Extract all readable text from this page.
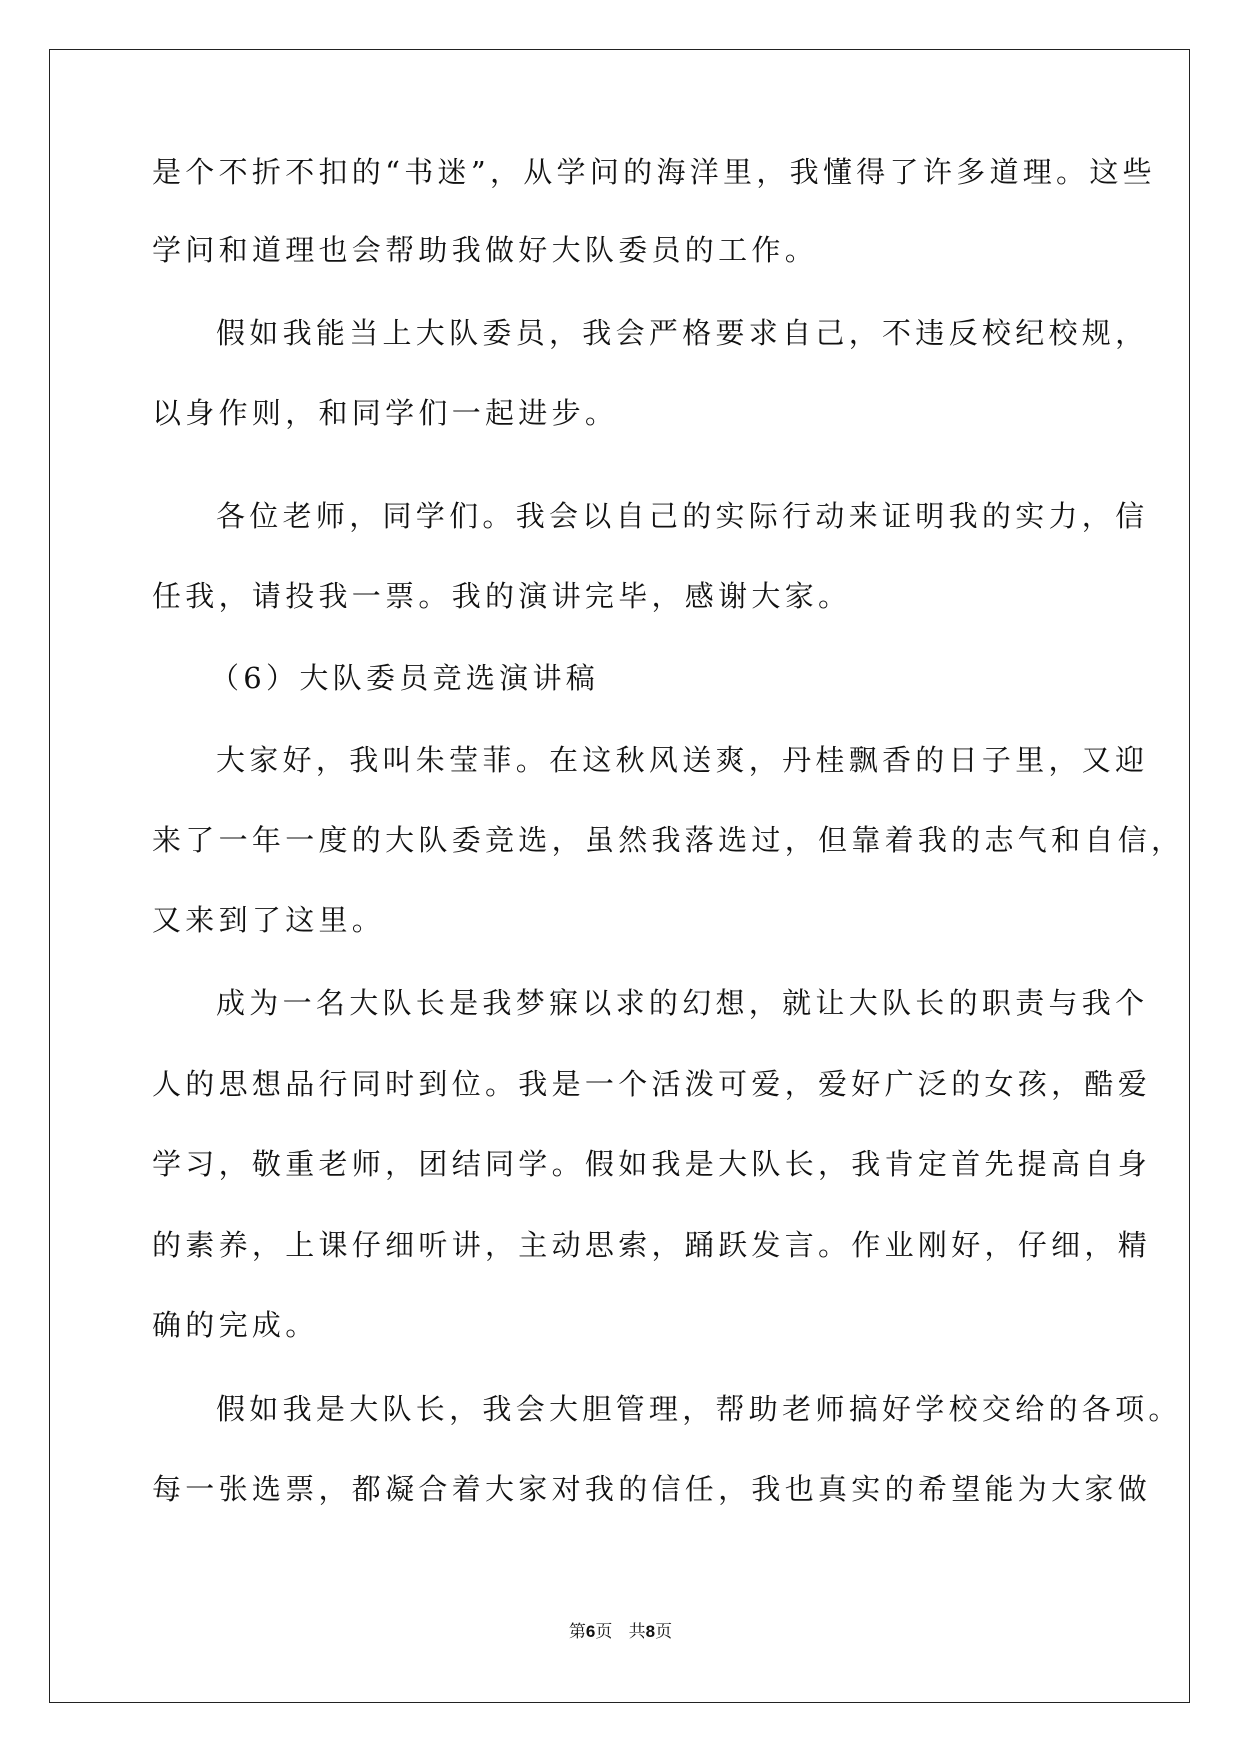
是个不折不扣的“书迷”，从学问的海洋里，我懂得了许多道理。这些
学问和道理也会帮助我做好大队委员的工作。
假如我能当上大队委员，我会严格要求自己，不违反校纪校规，
以身作则，和同学们一起进步。
各位老师，同学们。我会以自己的实际行动来证明我的实力，信
任我，请投我一票。我的演讲完毕，感谢大家。
（6）大队委员竞选演讲稿
大家好，我叫朱莹菲。在这秋风送爽，丹桂飘香的日子里，又迎
来了一年一度的大队委竞选，虽然我落选过，但靠着我的志气和自信，
又来到了这里。
成为一名大队长是我梦寐以求的幻想，就让大队长的职责与我个
人的思想品行同时到位。我是一个活泼可爱，爱好广泛的女孩，酷爱
学习，敬重老师，团结同学。假如我是大队长，我肯定首先提高自身
的素养，上课仔细听讲，主动思索，踊跃发言。作业刚好，仔细，精
确的完成。
假如我是大队长，我会大胆管理，帮助老师搞好学校交给的各项。
每一张选票，都凝合着大家对我的信任，我也真实的希望能为大家做
第6页 共8页
